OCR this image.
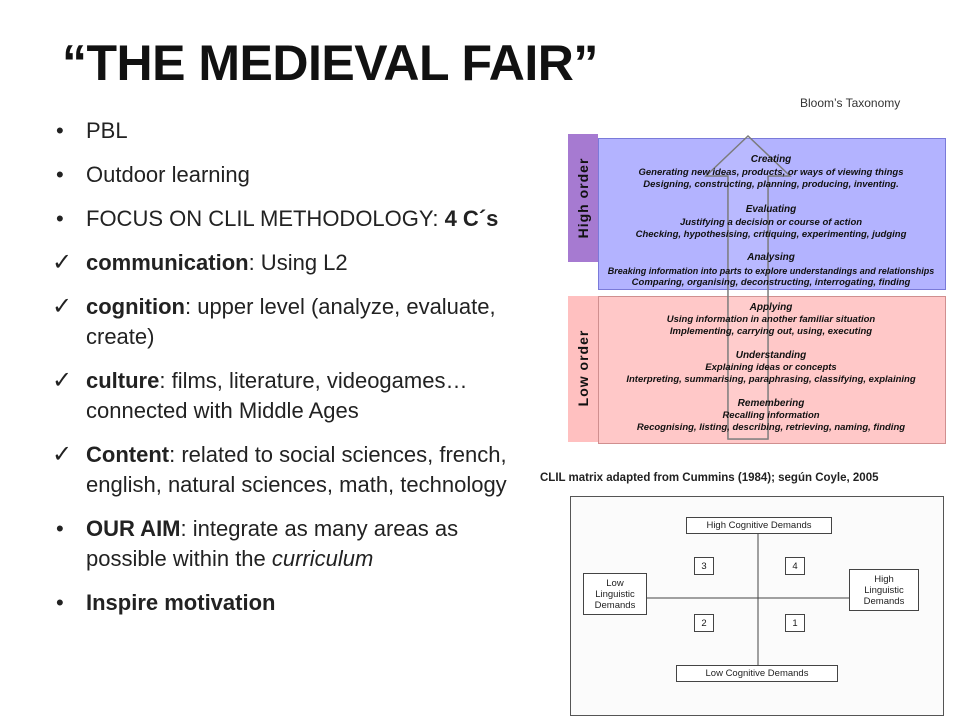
“THE MEDIEVAL FAIR”
Bloom’s Taxonomy
•	PBL
•	Outdoor learning
•	FOCUS ON CLIL METHODOLOGY: 4 C´s
✓ communication: Using L2
✓ cognition: upper level (analyze, evaluate, create)
✓ culture: films, literature, videogames…connected with Middle Ages
✓ Content: related to social sciences, french, english, natural sciences, math, technology
•	OUR AIM: integrate as many areas as possible within the curriculum
•	Inspire motivation
High order
Low order
Creating
Generating new ideas, products, or ways of viewing things
Designing, constructing, planning, producing, inventing.
Evaluating
Justifying a decision or course of action
Checking, hypothesising, critiquing, experimenting, judging
Analysing
Breaking information into parts to explore understandings and relationships
Comparing, organising, deconstructing, interrogating, finding
Applying
Using information in another familiar situation
Implementing, carrying out, using, executing
Understanding
Explaining ideas or concepts
Interpreting, summarising, paraphrasing, classifying, explaining
Remembering
Recalling information
Recognising, listing, describing, retrieving, naming, finding
CLIL matrix adapted from Cummins (1984); según Coyle, 2005
High Cognitive Demands
Low Cognitive Demands
Low
Linguistic
Demands
High
Linguistic
Demands
3	4
2	1
